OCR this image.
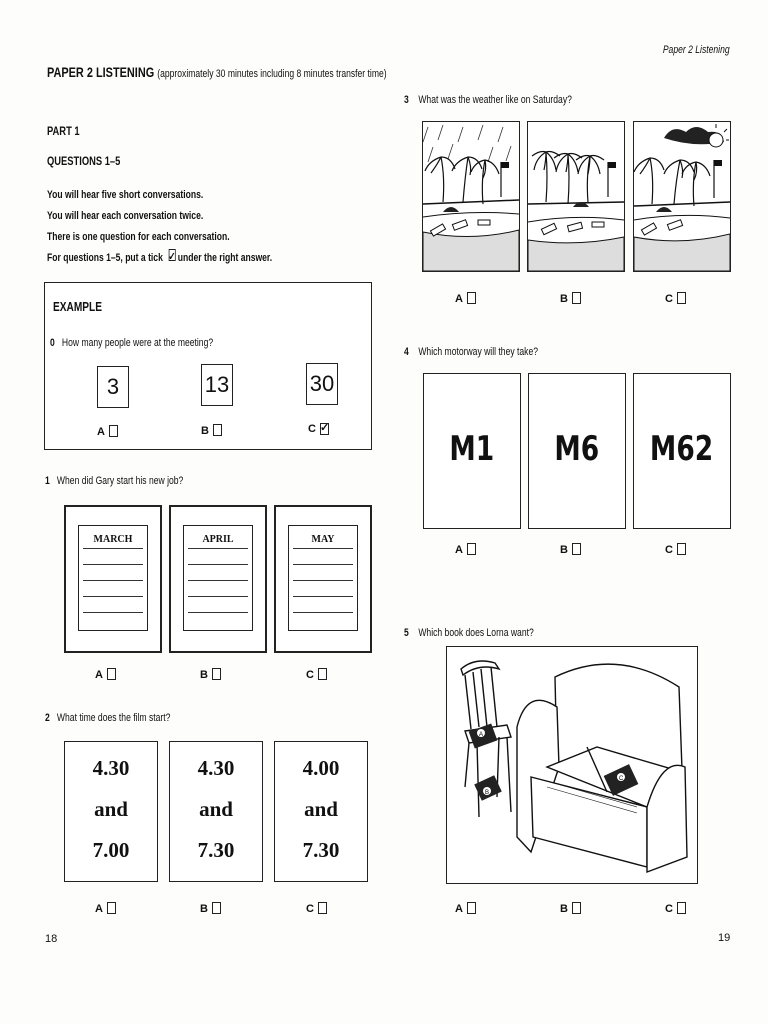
Paper 2 Listening
PAPER 2 LISTENING (approximately 30 minutes including 8 minutes transfer time)
PART 1
QUESTIONS 1–5
You will hear five short conversations.
You will hear each conversation twice.
There is one question for each conversation.
For questions 1–5, put a tick ✓ under the right answer.
EXAMPLE
0 How many people were at the meeting?
3	13	30
A	B	C✓
1 When did Gary start his new job?
MARCH	APRIL	MAY
A	B	C
2 What time does the film start?
4.30
and
7.00
4.30
and
7.30
4.00
and
7.30
A	B	C
3 What was the weather like on Saturday?
A	B	C
4 Which motorway will they take?
M1	M6	M62
A	B	C
5 Which book does Lorna want?
A
B
C
A	B	C
18	19
